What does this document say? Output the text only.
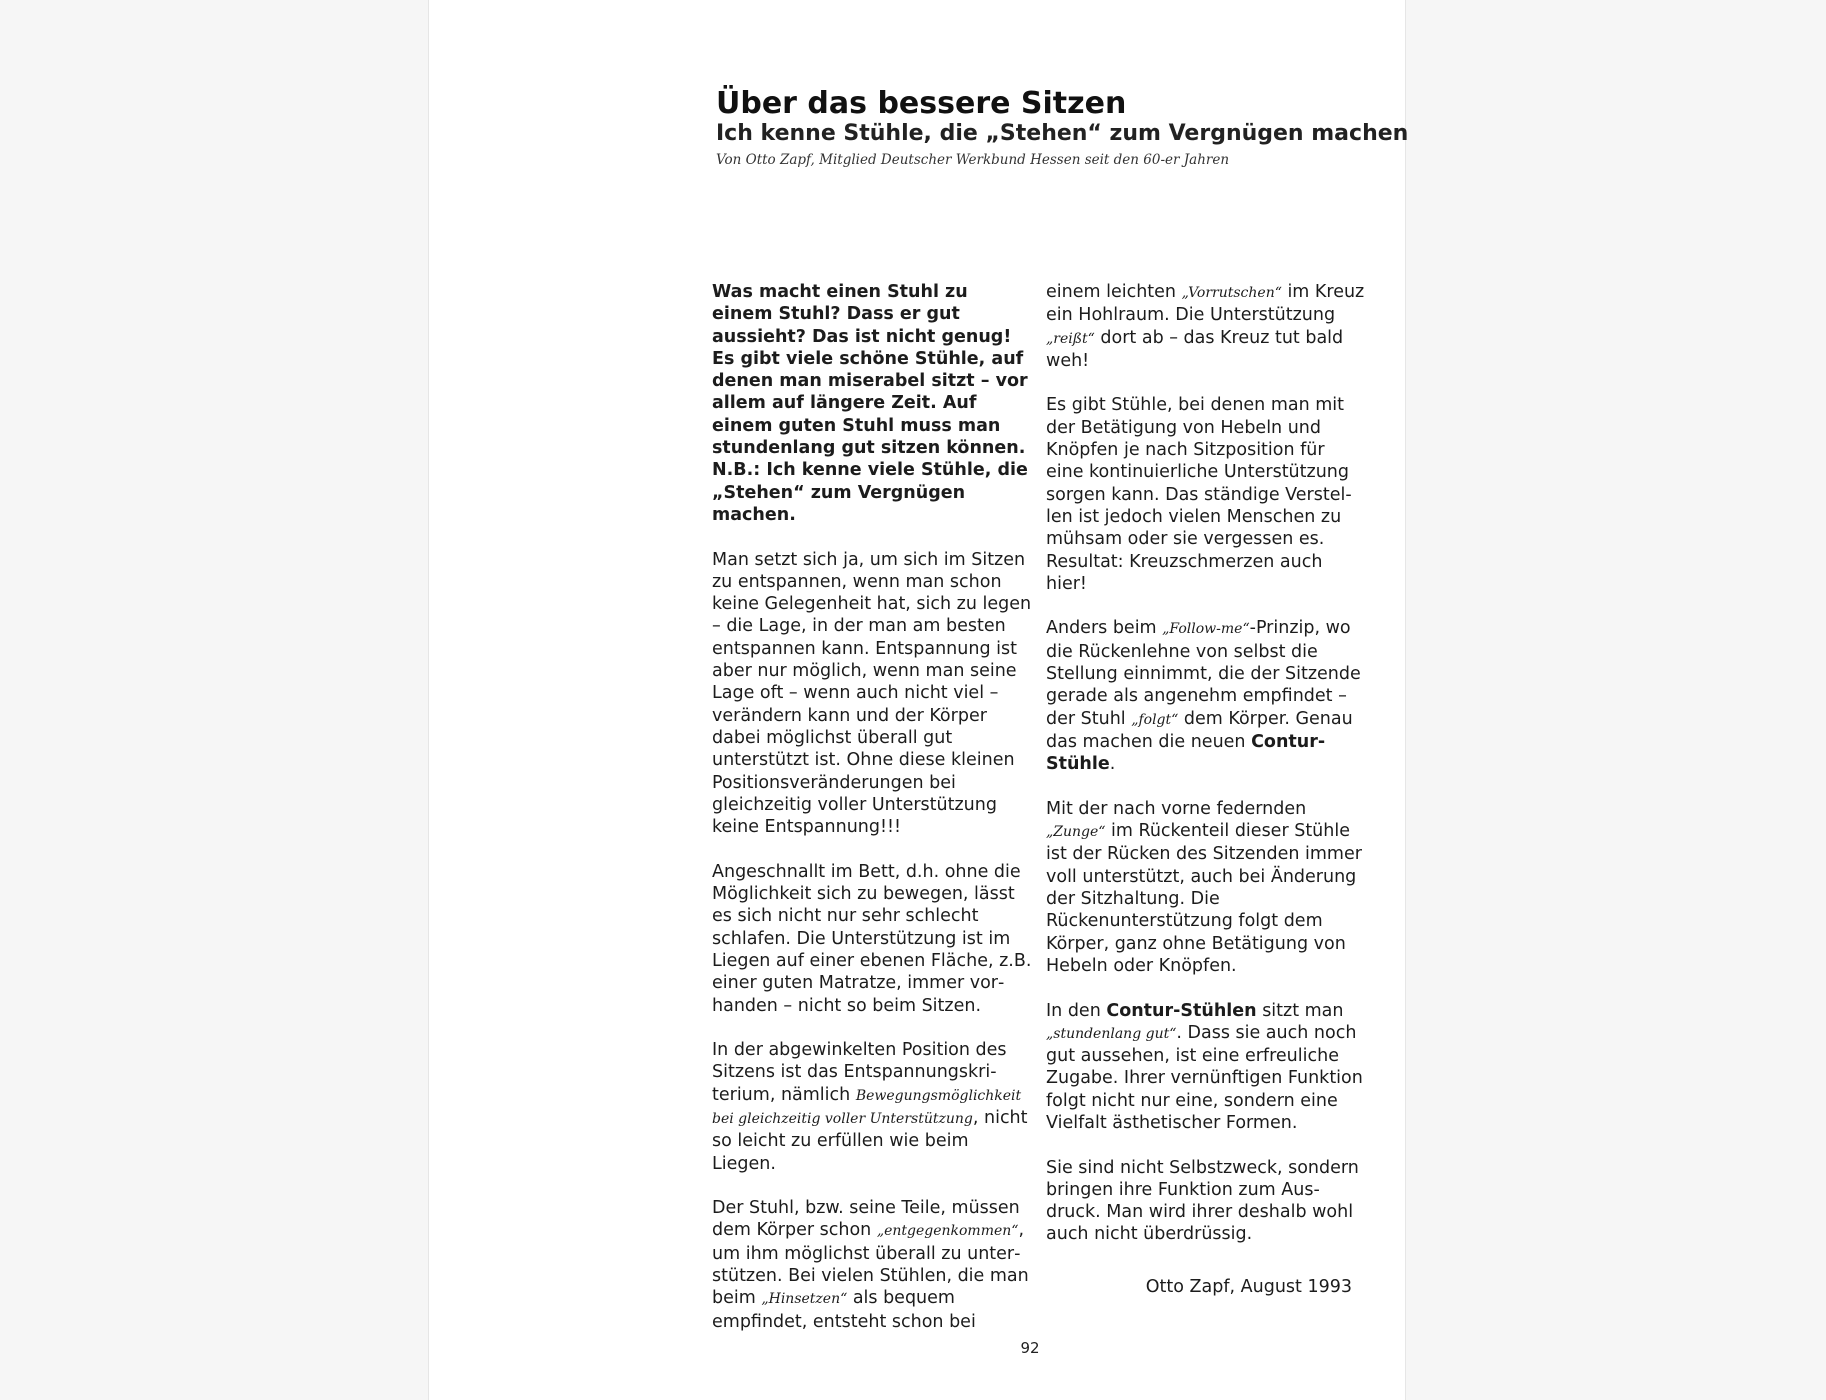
Über das bessere Sitzen
Ich kenne Stühle, die „Stehen“ zum Vergnügen machen

Von Otto Zapf, Mitglied Deutscher Werkbund Hessen seit den 60-er Jahren

Was macht einen Stuhl zu einem Stuhl? Dass er gut aussieht? Das ist nicht genug! Es gibt viele schöne Stühle, auf denen man miserabel sitzt – vor allem auf längere Zeit. Auf einem guten Stuhl muss man stundenlang gut sitzen können. N.B.: Ich kenne viele Stühle, die „Stehen“ zum Vergnügen machen.

Man setzt sich ja, um sich im Sitzen zu entspannen, wenn man schon keine Gelegenheit hat, sich zu legen – die Lage, in der man am besten entspannen kann. Entspannung ist aber nur möglich, wenn man seine Lage oft – wenn auch nicht viel – verändern kann und der Körper dabei möglichst überall gut unterstützt ist. Ohne diese kleinen Positionsveränderungen bei gleichzeitig voller Unterstützung keine Entspannung!!!

Angeschnallt im Bett, d.h. ohne die Möglichkeit sich zu bewegen, lässt es sich nicht nur sehr schlecht schlafen. Die Unterstützung ist im Liegen auf einer ebenen Fläche, z.B. einer guten Matratze, immer vorhanden – nicht so beim Sitzen.

In der abgewinkelten Position des Sitzens ist das Entspannungskriterium, nämlich Bewegungsmöglichkeit bei gleichzeitig voller Unterstützung, nicht so leicht zu erfüllen wie beim Liegen.

Der Stuhl, bzw. seine Teile, müssen dem Körper schon „entgegenkommen“, um ihm möglichst überall zu unterstützen. Bei vielen Stühlen, die man beim „Hinsetzen“ als bequem empfindet, entsteht schon bei

einem leichten „Vorrutschen“ im Kreuz ein Hohlraum. Die Unterstützung „reißt“ dort ab – das Kreuz tut bald weh!

Es gibt Stühle, bei denen man mit der Betätigung von Hebeln und Knöpfen je nach Sitzposition für eine kontinuierliche Unterstützung sorgen kann. Das ständige Verstellen ist jedoch vielen Menschen zu mühsam oder sie vergessen es. Resultat: Kreuzschmerzen auch hier!

Anders beim „Follow-me“-Prinzip, wo die Rückenlehne von selbst die Stellung einnimmt, die der Sitzende gerade als angenehm empfindet – der Stuhl „folgt“ dem Körper. Genau das machen die neuen Contur-Stühle.

Mit der nach vorne federnden „Zunge“ im Rückenteil dieser Stühle ist der Rücken des Sitzenden immer voll unterstützt, auch bei Änderung der Sitzhaltung. Die Rückenunterstützung folgt dem Körper, ganz ohne Betätigung von Hebeln oder Knöpfen.

In den Contur-Stühlen sitzt man „stundenlang gut“. Dass sie auch noch gut aussehen, ist eine erfreuliche Zugabe. Ihrer vernünftigen Funktion folgt nicht nur eine, sondern eine Vielfalt ästhetischer Formen.

Sie sind nicht Selbstzweck, sondern bringen ihre Funktion zum Ausdruck. Man wird ihrer deshalb wohl auch nicht überdrüssig.

Otto Zapf, August 1993
92
